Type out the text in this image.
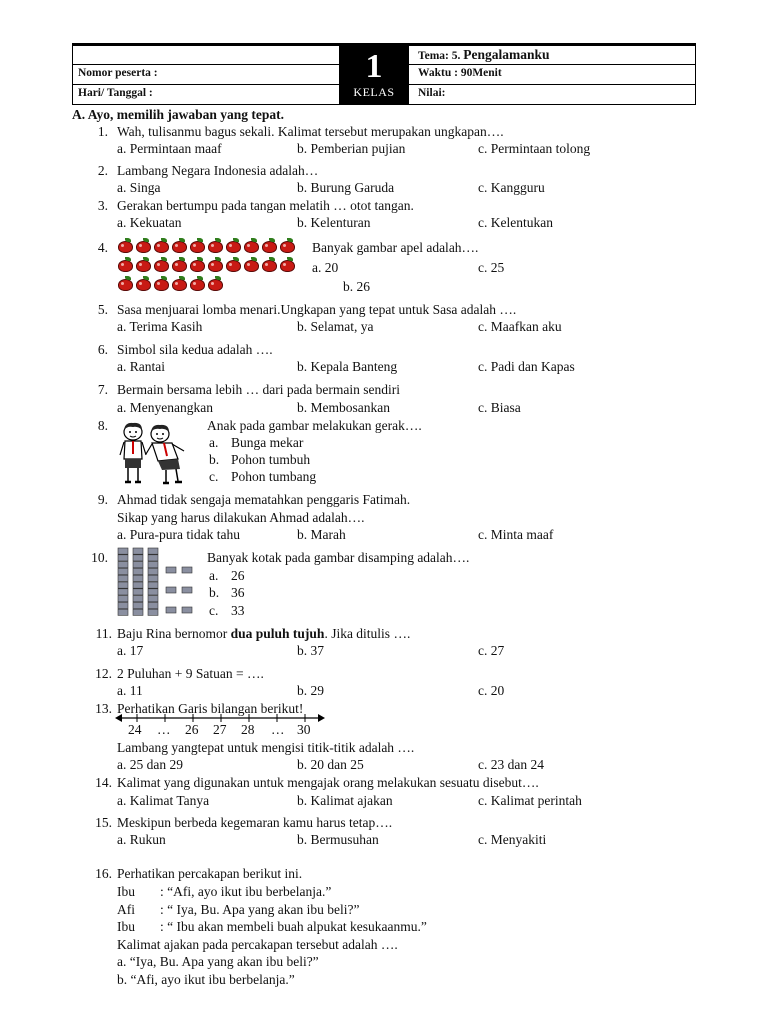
Nomor peserta :
Hari/ Tanggal :
Tema: 5. Pengalamanku
Waktu : 90Menit
Nilai:
1
KELAS
A. Ayo, memilih jawaban yang tepat.
1. Wah, tulisanmu bagus sekali. Kalimat tersebut merupakan ungkapan….
a. Permintaan maaf	b. Pemberian pujian	c. Permintaan tolong
2. Lambang Negara Indonesia adalah…
a. Singa	b. Burung Garuda	c. Kangguru
3. Gerakan bertumpu pada tangan melatih … otot tangan.
a. Kekuatan	b. Kelenturan	c. Kelentukan
4.	Banyak gambar apel adalah….
a. 20	c. 25
b. 26
5. Sasa menjuarai lomba menari.Ungkapan yang tepat untuk Sasa adalah ….
a. Terima Kasih	b. Selamat, ya	c. Maafkan aku
6. Simbol sila kedua adalah ….
a. Rantai	b. Kepala Banteng	c. Padi dan Kapas
7. Bermain bersama lebih … dari pada bermain sendiri
a. Menyenangkan	b. Membosankan	c. Biasa
8.	Anak pada gambar melakukan gerak….
a. Bunga mekar
b. Pohon tumbuh
c. Pohon tumbang
9. Ahmad tidak sengaja mematahkan penggaris Fatimah.
Sikap yang harus dilakukan Ahmad adalah….
a. Pura-pura tidak tahu	b. Marah	c. Minta maaf
10.	Banyak kotak pada gambar disamping adalah….
a. 26
b. 36
c. 33
11. Baju Rina bernomor dua puluh tujuh. Jika ditulis ….
a. 17	b. 37	c. 27
12. 2 Puluhan + 9 Satuan = ….
a. 11	b. 29	c. 20
13. Perhatikan Garis bilangan berikut!
24 … 26 27 28 … 30
Lambang yangtepat untuk mengisi titik-titik adalah ….
a. 25 dan 29	b. 20 dan 25	c. 23 dan 24
14. Kalimat yang digunakan untuk mengajak orang melakukan sesuatu disebut….
a. Kalimat Tanya	b. Kalimat ajakan	c. Kalimat perintah
15. Meskipun berbeda kegemaran kamu harus tetap….
a. Rukun	b. Bermusuhan	c. Menyakiti
16. Perhatikan percakapan berikut ini.
Ibu : “Afi, ayo ikut ibu berbelanja.”
Afi : “ Iya, Bu. Apa yang akan ibu beli?”
Ibu : “ Ibu akan membeli buah alpukat kesukaanmu.”
Kalimat ajakan pada percakapan tersebut adalah ….
a. “Iya, Bu. Apa yang akan ibu beli?”
b. “Afi, ayo ikut ibu berbelanja.”
